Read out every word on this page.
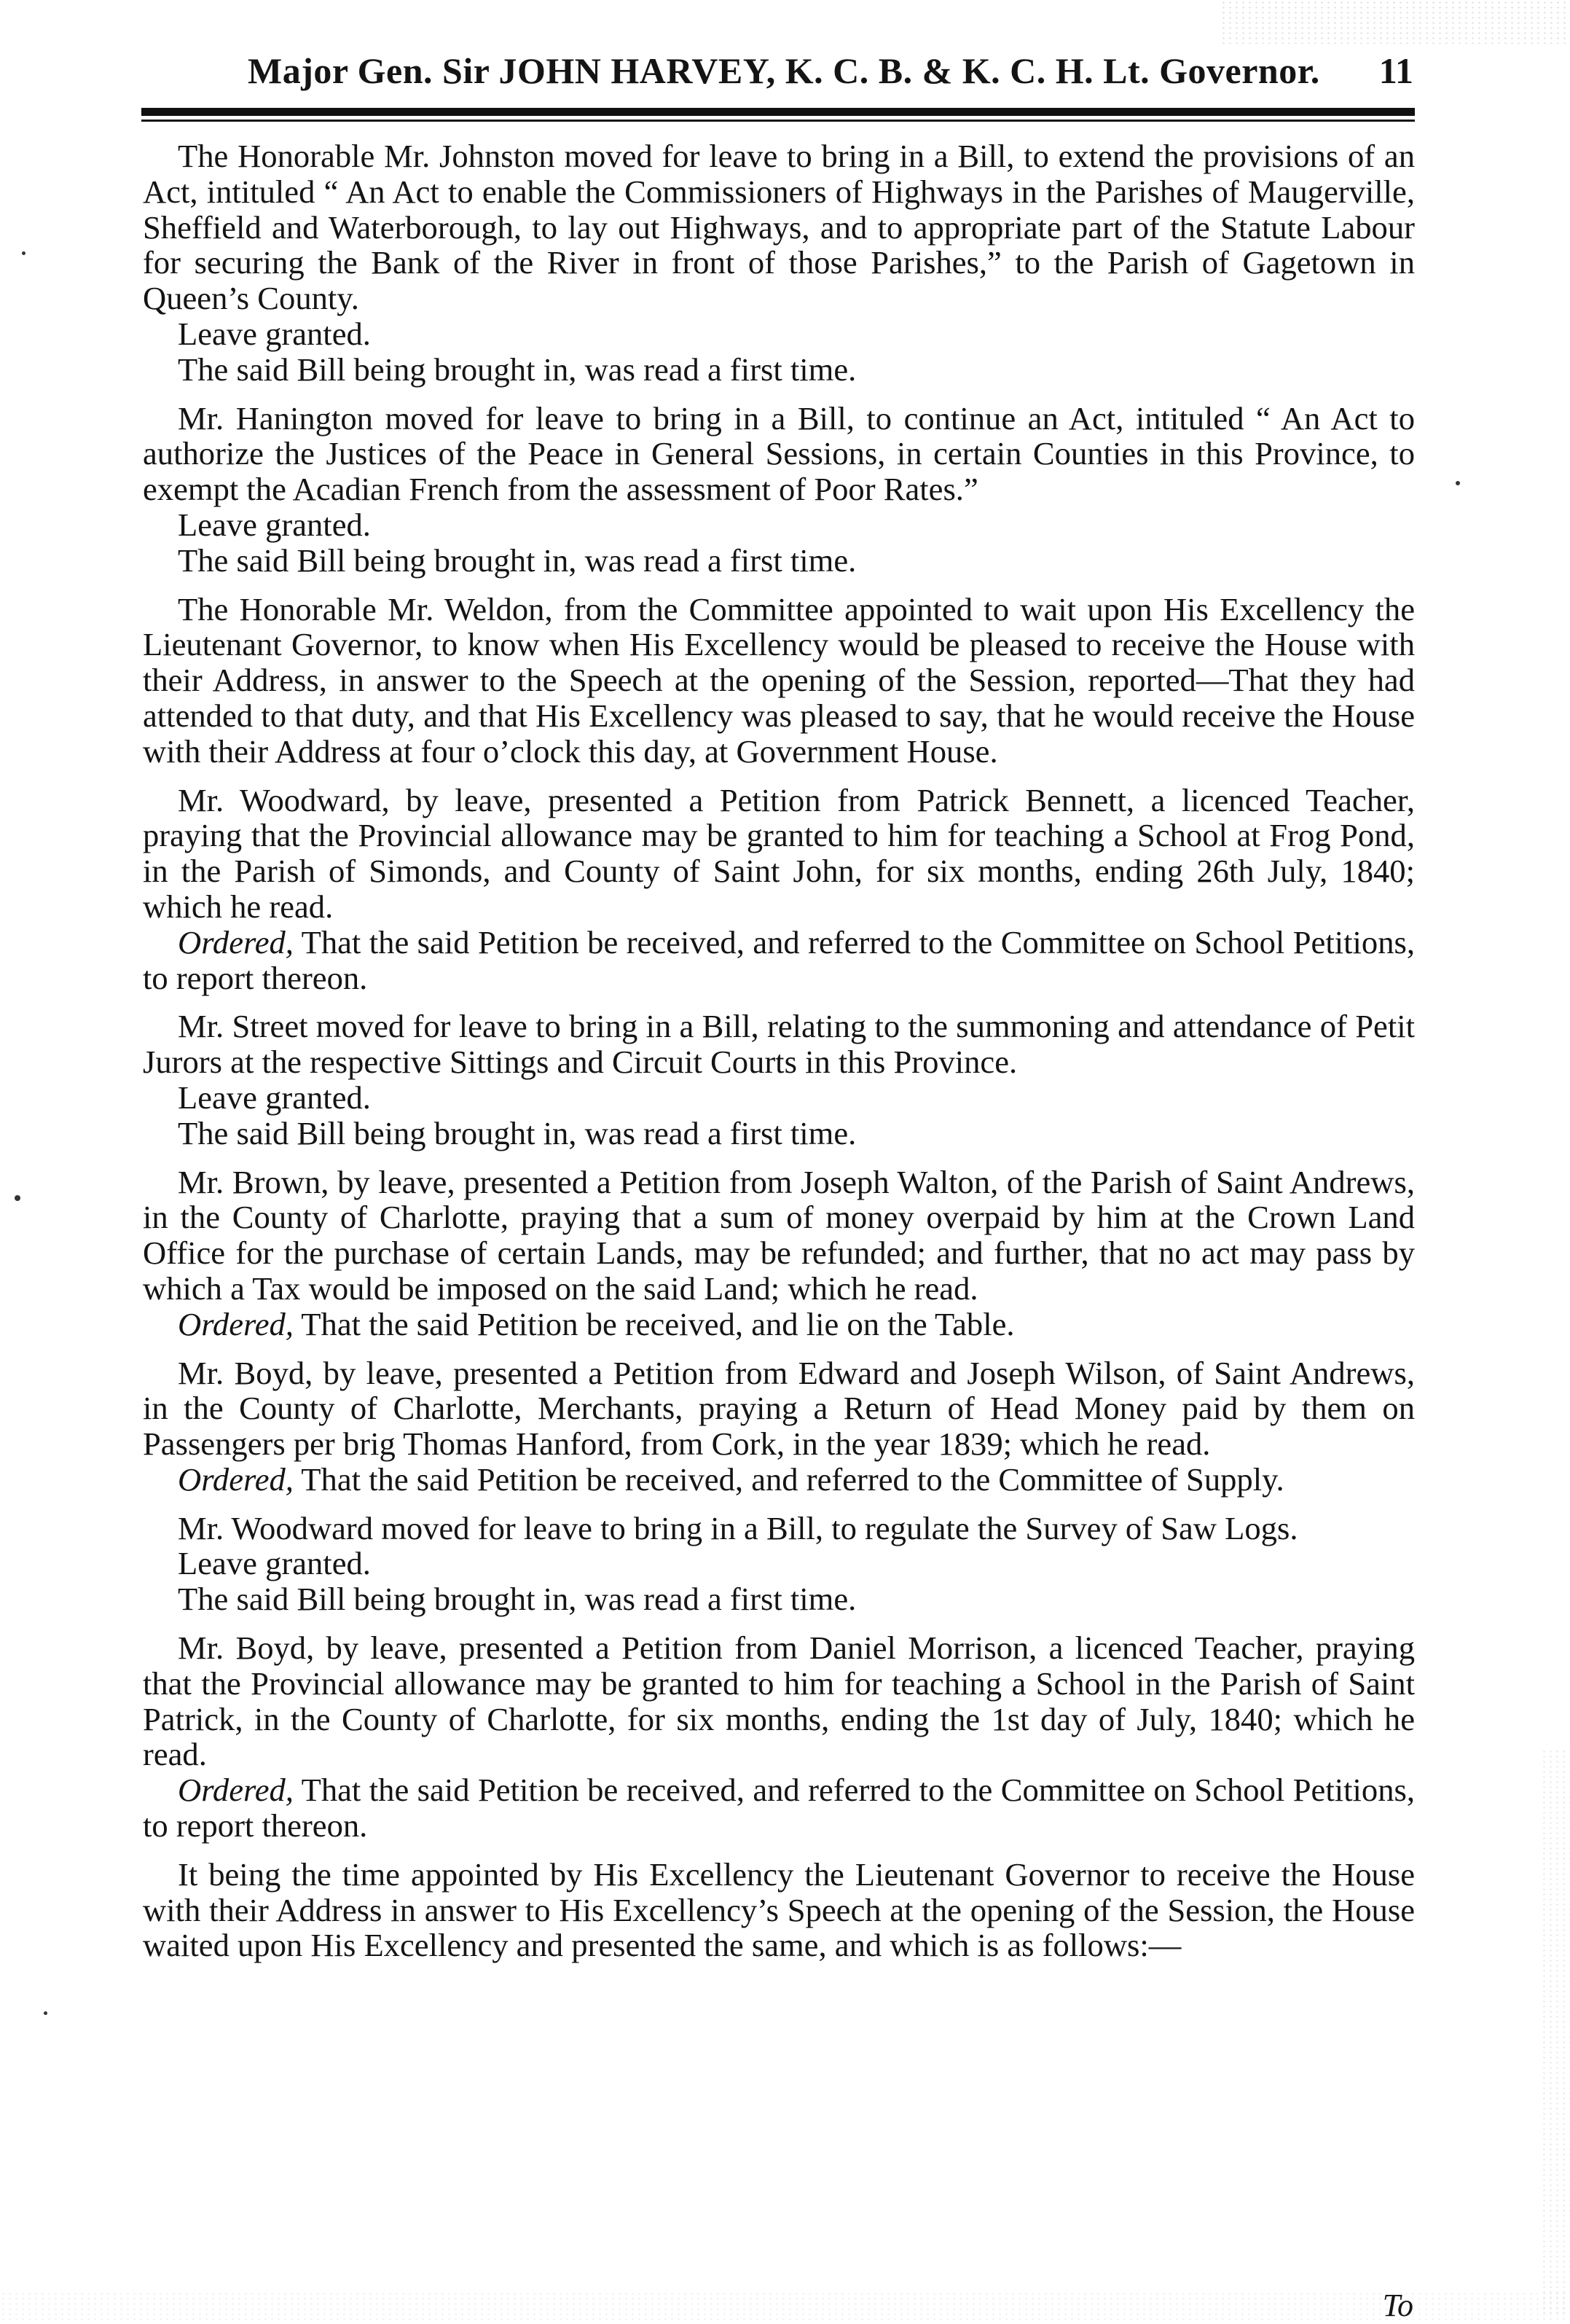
Major Gen. Sir JOHN HARVEY, K. C. B. & K. C. H. Lt. Governor. 11

The Honorable Mr. Johnston moved for leave to bring in a Bill, to extend the provisions of an Act, intituled “ An Act to enable the Commissioners of Highways in the Parishes of Maugerville, Sheffield and Waterborough, to lay out Highways, and to appropriate part of the Statute Labour for securing the Bank of the River in front of those Parishes,” to the Parish of Gagetown in Queen’s County.

Leave granted.

The said Bill being brought in, was read a first time.

Mr. Hanington moved for leave to bring in a Bill, to continue an Act, intituled “ An Act to authorize the Justices of the Peace in General Sessions, in certain Counties in this Province, to exempt the Acadian French from the assessment of Poor Rates.”

Leave granted.

The said Bill being brought in, was read a first time.

The Honorable Mr. Weldon, from the Committee appointed to wait upon His Excellency the Lieutenant Governor, to know when His Excellency would be pleased to receive the House with their Address, in answer to the Speech at the opening of the Session, reported—That they had attended to that duty, and that His Excellency was pleased to say, that he would receive the House with their Address at four o’clock this day, at Government House.

Mr. Woodward, by leave, presented a Petition from Patrick Bennett, a licenced Teacher, praying that the Provincial allowance may be granted to him for teaching a School at Frog Pond, in the Parish of Simonds, and County of Saint John, for six months, ending 26th July, 1840; which he read.

Ordered, That the said Petition be received, and referred to the Committee on School Petitions, to report thereon.

Mr. Street moved for leave to bring in a Bill, relating to the summoning and attendance of Petit Jurors at the respective Sittings and Circuit Courts in this Province.

Leave granted.

The said Bill being brought in, was read a first time.

Mr. Brown, by leave, presented a Petition from Joseph Walton, of the Parish of Saint Andrews, in the County of Charlotte, praying that a sum of money overpaid by him at the Crown Land Office for the purchase of certain Lands, may be refunded; and further, that no act may pass by which a Tax would be imposed on the said Land; which he read.

Ordered, That the said Petition be received, and lie on the Table.

Mr. Boyd, by leave, presented a Petition from Edward and Joseph Wilson, of Saint Andrews, in the County of Charlotte, Merchants, praying a Return of Head Money paid by them on Passengers per brig Thomas Hanford, from Cork, in the year 1839; which he read.

Ordered, That the said Petition be received, and referred to the Committee of Supply.

Mr. Woodward moved for leave to bring in a Bill, to regulate the Survey of Saw Logs.

Leave granted.

The said Bill being brought in, was read a first time.

Mr. Boyd, by leave, presented a Petition from Daniel Morrison, a licenced Teacher, praying that the Provincial allowance may be granted to him for teaching a School in the Parish of Saint Patrick, in the County of Charlotte, for six months, ending the 1st day of July, 1840; which he read.

Ordered, That the said Petition be received, and referred to the Committee on School Petitions, to report thereon.

It being the time appointed by His Excellency the Lieutenant Governor to receive the House with their Address in answer to His Excellency’s Speech at the opening of the Session, the House waited upon His Excellency and presented the same, and which is as follows:—

To
